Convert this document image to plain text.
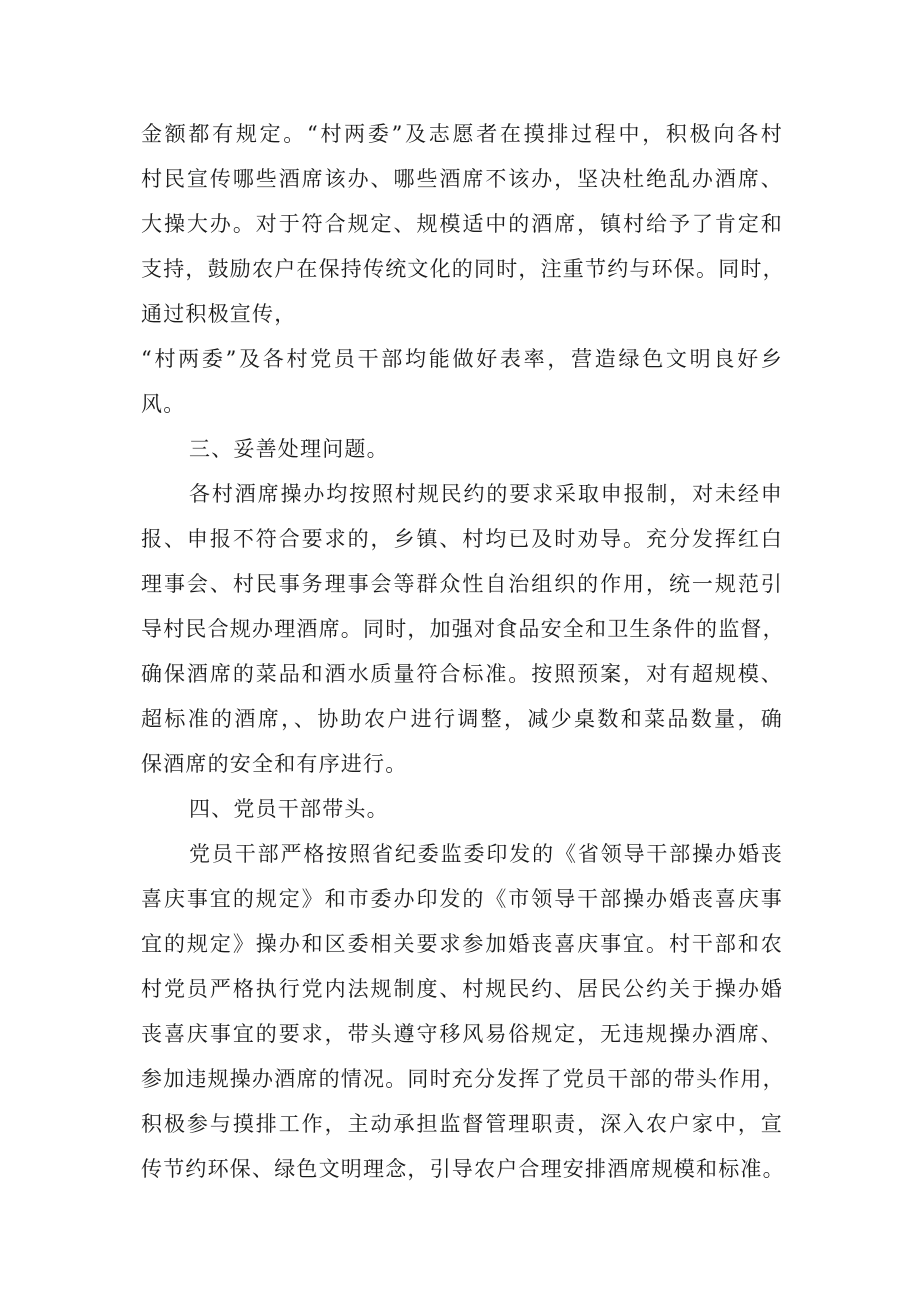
金额都有规定。“村两委”及志愿者在摸排过程中，积极向各村
村民宣传哪些酒席该办、哪些酒席不该办，坚决杜绝乱办酒席、
大操大办。对于符合规定、规模适中的酒席，镇村给予了肯定和
支持，鼓励农户在保持传统文化的同时，注重节约与环保。同时，
通过积极宣传，
“村两委”及各村党员干部均能做好表率，营造绿色文明良好乡
风。
三、妥善处理问题。
各村酒席操办均按照村规民约的要求采取申报制，对未经申
报、申报不符合要求的，乡镇、村均已及时劝导。充分发挥红白
理事会、村民事务理事会等群众性自治组织的作用，统一规范引
导村民合规办理酒席。同时，加强对食品安全和卫生条件的监督，
确保酒席的菜品和酒水质量符合标准。按照预案，对有超规模、
超标准的酒席，、协助农户进行调整，减少桌数和菜品数量，确
保酒席的安全和有序进行。
四、党员干部带头。
党员干部严格按照省纪委监委印发的《省领导干部操办婚丧
喜庆事宜的规定》和市委办印发的《市领导干部操办婚丧喜庆事
宜的规定》操办和区委相关要求参加婚丧喜庆事宜。村干部和农
村党员严格执行党内法规制度、村规民约、居民公约关于操办婚
丧喜庆事宜的要求，带头遵守移风易俗规定，无违规操办酒席、
参加违规操办酒席的情况。同时充分发挥了党员干部的带头作用，
积极参与摸排工作，主动承担监督管理职责，深入农户家中，宣
传节约环保、绿色文明理念，引导农户合理安排酒席规模和标准。
